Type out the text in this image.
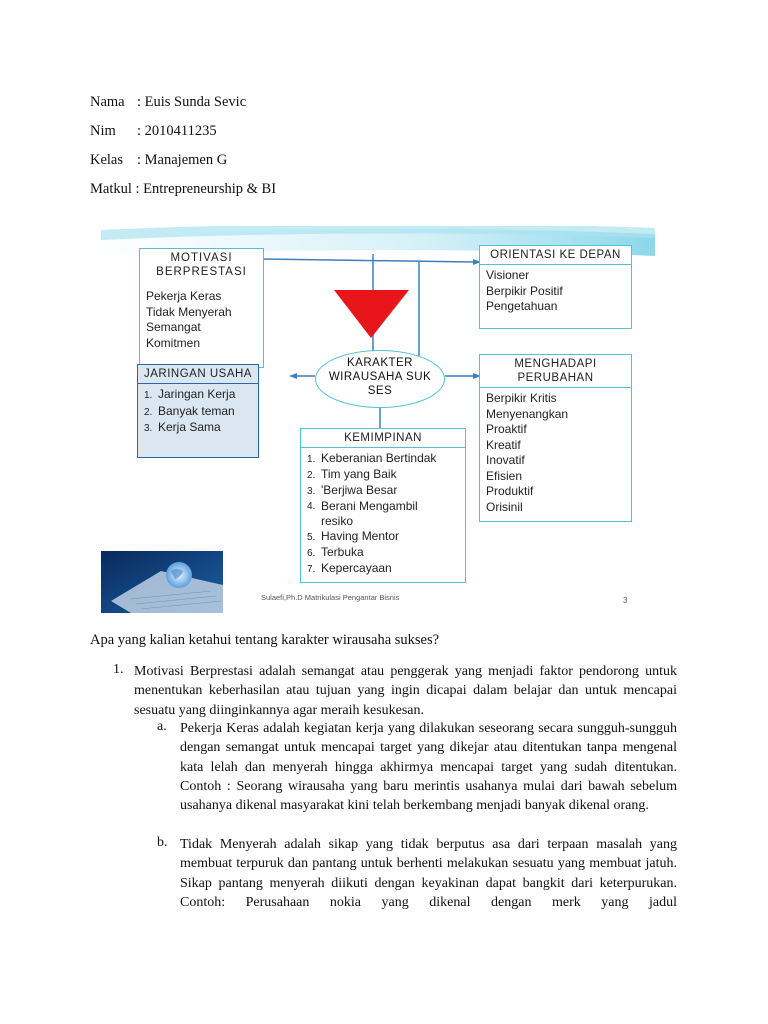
Nama : Euis Sunda Sevic
Nim : 2010411235
Kelas : Manajemen G
Matkul : Entrepreneurship & BI
MOTIVASI BERPRESTASI
Pekerja Keras
Tidak Menyerah
Semangat
Komitmen
JARINGAN USAHA
1. Jaringan Kerja
2. Banyak teman
3. Kerja Sama
ORIENTASI KE DEPAN
Visioner
Berpikir Positif
Pengetahuan
KARAKTER WIRAUSAHA SUK SES
MENGHADAPI PERUBAHAN
Berpikir Kritis
Menyenangkan
Proaktif
Kreatif
Inovatif
Efisien
Produktif
Orisinil
KEMIMPINAN
1. Keberanian Bertindak
2. Tim yang Baik
3. 'Berjiwa Besar
4. Berani Mengambil resiko
5. Having Mentor
6. Terbuka
7. Kepercayaan
Sulaefi,Ph.D Matrikulasi Pengantar Bisnis	3
Apa yang kalian ketahui tentang karakter wirausaha sukses?
1. Motivasi Berprestasi adalah semangat atau penggerak yang menjadi faktor pendorong untuk menentukan keberhasilan atau tujuan yang ingin dicapai dalam belajar dan untuk mencapai sesuatu yang diinginkannya agar meraih kesukesan.
a. Pekerja Keras adalah kegiatan kerja yang dilakukan seseorang secara sungguh-sungguh dengan semangat untuk mencapai target yang dikejar atau ditentukan tanpa mengenal kata lelah dan menyerah hingga akhirmya mencapai target yang sudah ditentukan. Contoh : Seorang wirausaha yang baru merintis usahanya mulai dari bawah sebelum usahanya dikenal masyarakat kini telah berkembang menjadi banyak dikenal orang.
b. Tidak Menyerah adalah sikap yang tidak berputus asa dari terpaan masalah yang membuat terpuruk dan pantang untuk berhenti melakukan sesuatu yang membuat jatuh. Sikap pantang menyerah diikuti dengan keyakinan dapat bangkit dari keterpurukan. Contoh: Perusahaan nokia yang dikenal dengan merk yang jadul
